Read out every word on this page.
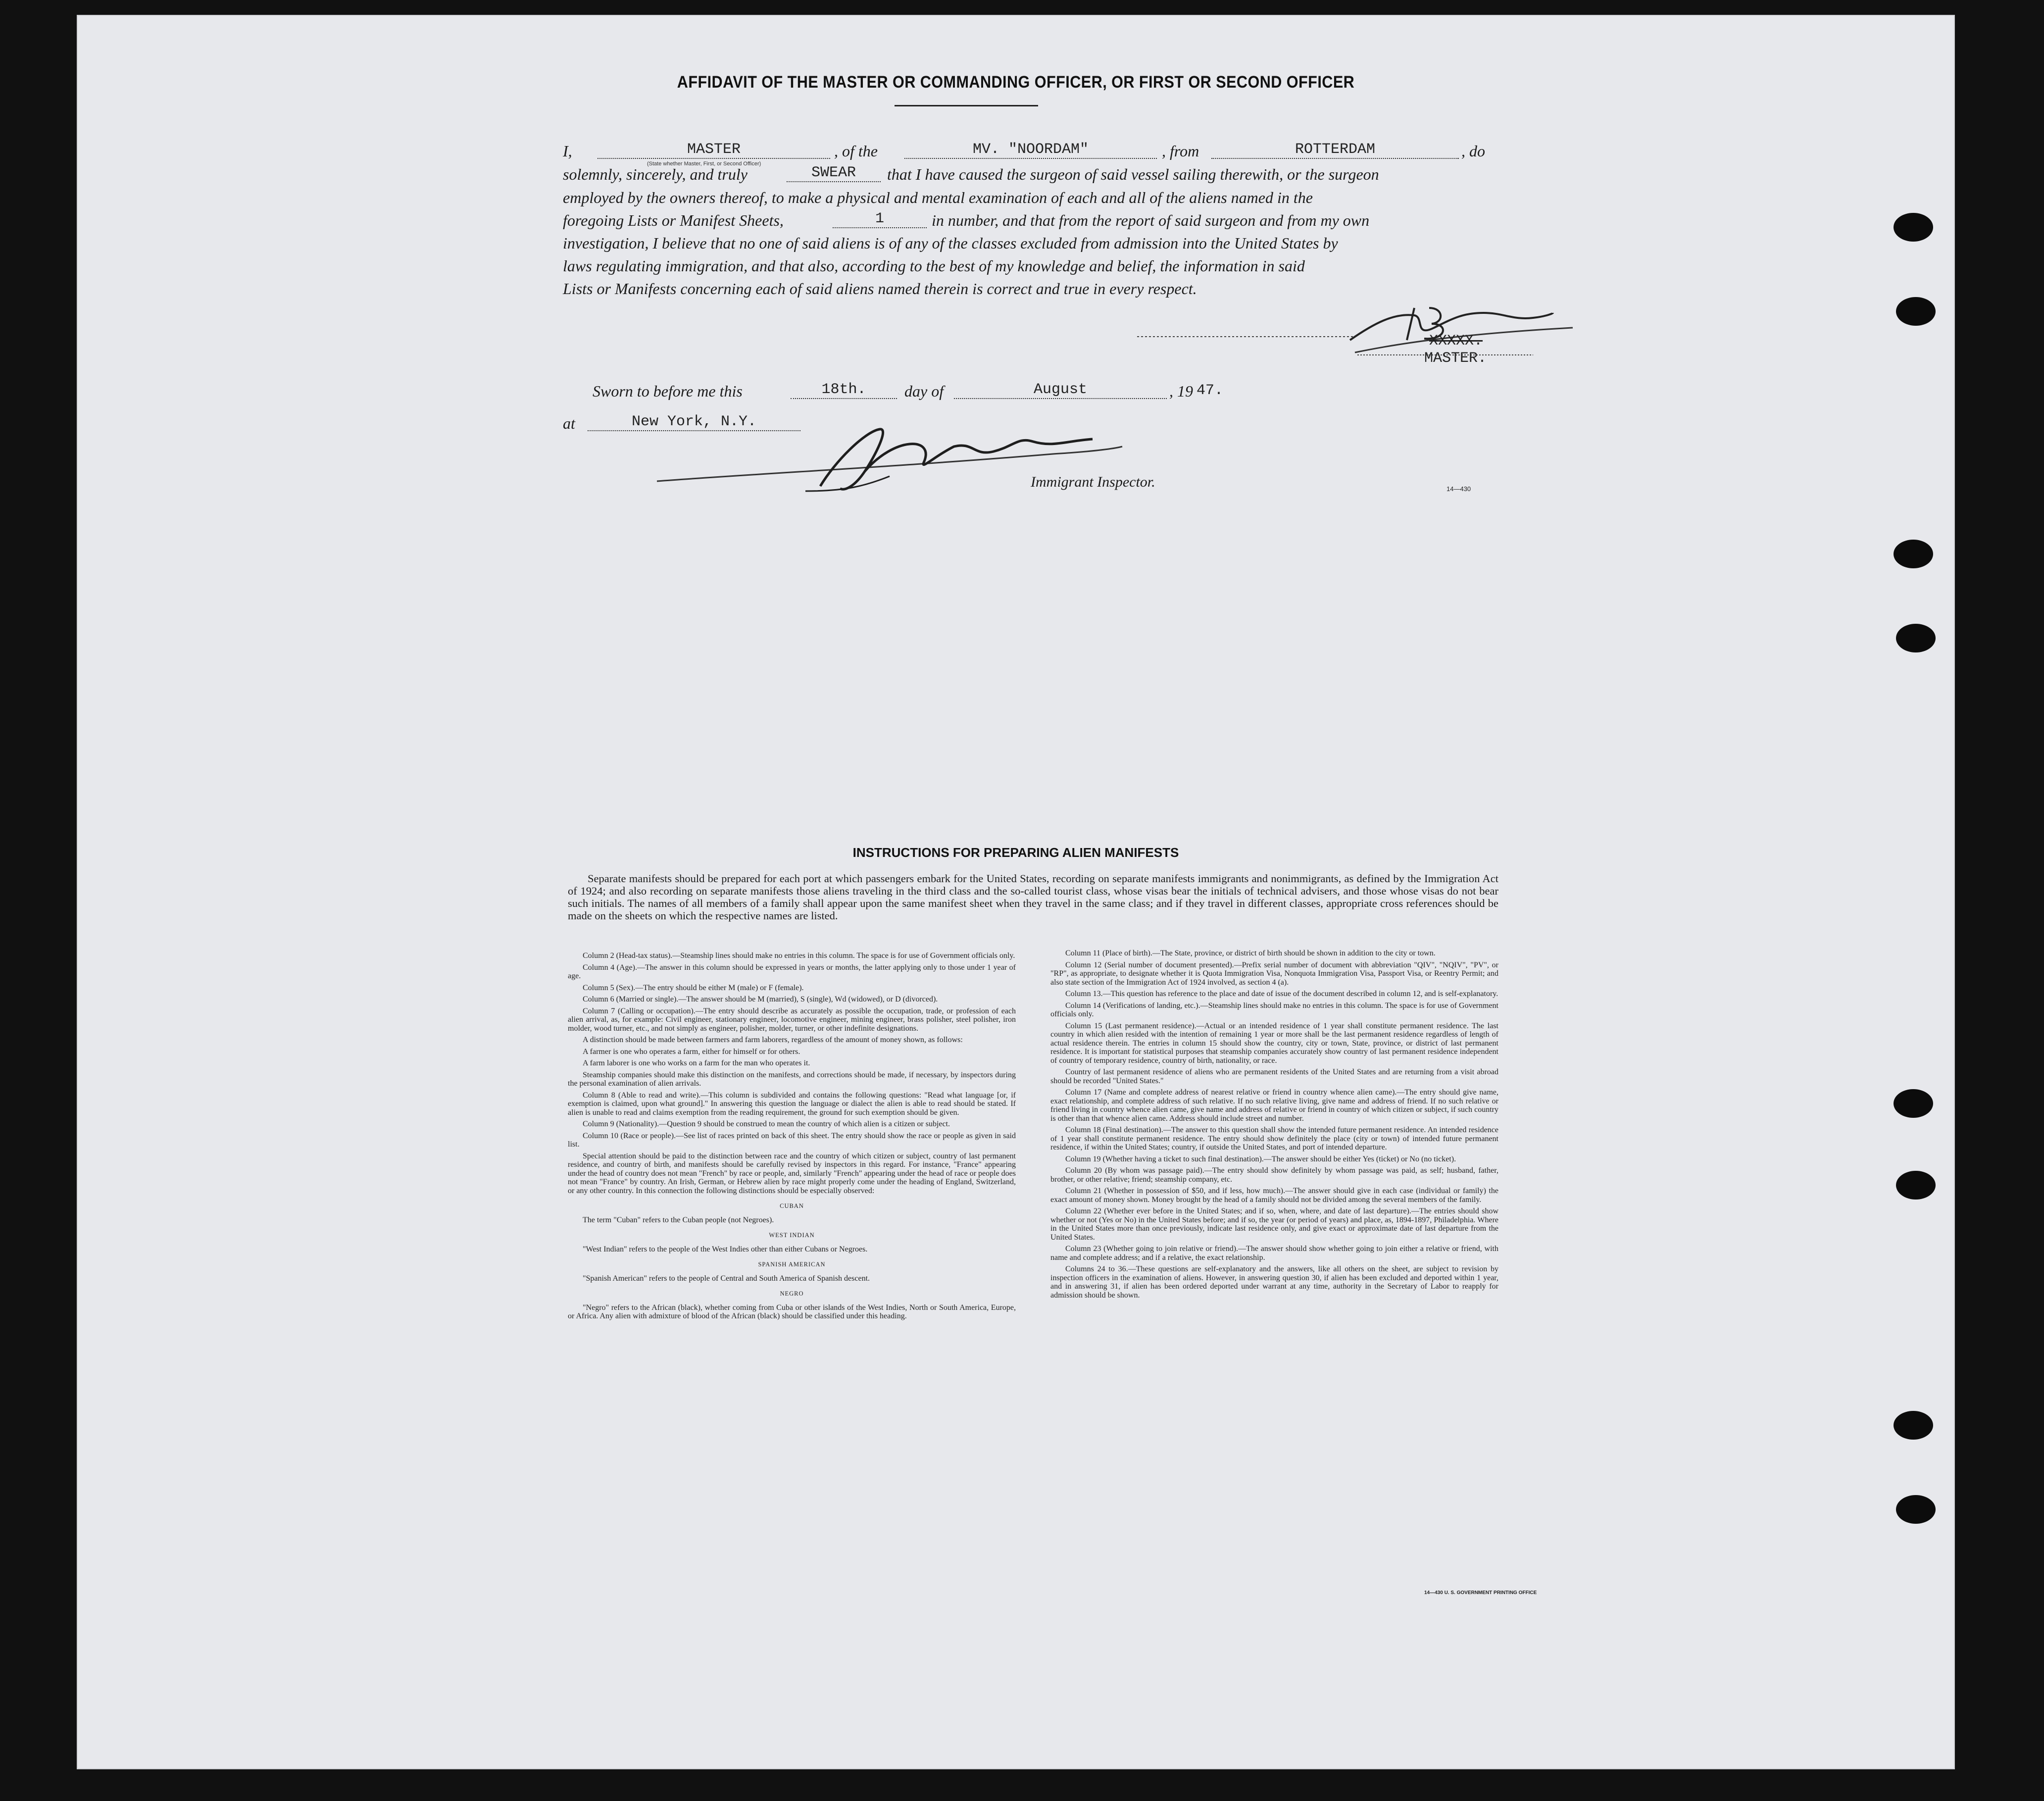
AFFIDAVIT OF THE MASTER OR COMMANDING OFFICER, OR FIRST OR SECOND OFFICER
I,	MASTER
(State whether Master, First, or Second Officer)
, of the	MV. "NOORDAM"	, from	ROTTERDAM	, do
solemnly, sincerely, and truly	SWEAR	that I have caused the surgeon of said vessel sailing therewith, or the surgeon
employed by the owners thereof, to make a physical and mental examination of each and all of the aliens named in the
foregoing Lists or Manifest Sheets,	1	in number, and that from the report of said surgeon and from my own
investigation, I believe that no one of said aliens is of any of the classes excluded from admission into the United States by
laws regulating immigration, and that also, according to the best of my knowledge and belief, the information in said
Lists or Manifests concerning each of said aliens named therein is correct and true in every respect.
XXXXX.
MASTER.
Sworn to before me this	18th.	day of	August	, 19 47.
at	New York, N.Y.
Immigrant Inspector.	14—430
INSTRUCTIONS FOR PREPARING ALIEN MANIFESTS
Separate manifests should be prepared for each port at which passengers embark for the United States, recording on separate manifests immigrants and nonimmigrants, as defined by the Immigration Act of 1924; and also recording on separate manifests those aliens traveling in the third class and the so-called tourist class, whose visas bear the initials of technical advisers, and those whose visas do not bear such initials. The names of all members of a family shall appear upon the same manifest sheet when they travel in the same class; and if they travel in different classes, appropriate cross references should be made on the sheets on which the respective names are listed.

Column 2 (Head-tax status).—Steamship lines should make no entries in this column. The space is for use of Government officials only.

Column 4 (Age).—The answer in this column should be expressed in years or months, the latter applying only to those under 1 year of age.

Column 5 (Sex).—The entry should be either M (male) or F (female).

Column 6 (Married or single).—The answer should be M (married), S (single), Wd (widowed), or D (divorced).

Column 7 (Calling or occupation).—The entry should describe as accurately as possible the occupation, trade, or profession of each alien arrival, as, for example: Civil engineer, stationary engineer, locomotive engineer, mining engineer, brass polisher, steel polisher, iron molder, wood turner, etc., and not simply as engineer, polisher, molder, turner, or other indefinite designations.

A distinction should be made between farmers and farm laborers, regardless of the amount of money shown, as follows:

A farmer is one who operates a farm, either for himself or for others.

A farm laborer is one who works on a farm for the man who operates it.

Steamship companies should make this distinction on the manifests, and corrections should be made, if necessary, by inspectors during the personal examination of alien arrivals.

Column 8 (Able to read and write).—This column is subdivided and contains the following questions: "Read what language [or, if exemption is claimed, upon what ground]." In answering this question the language or dialect the alien is able to read should be stated. If alien is unable to read and claims exemption from the reading requirement, the ground for such exemption should be given.

Column 9 (Nationality).—Question 9 should be construed to mean the country of which alien is a citizen or subject.

Column 10 (Race or people).—See list of races printed on back of this sheet. The entry should show the race or people as given in said list.

Special attention should be paid to the distinction between race and the country of which citizen or subject, country of last permanent residence, and country of birth, and manifests should be carefully revised by inspectors in this regard. For instance, "France" appearing under the head of country does not mean "French" by race or people, and, similarly "French" appearing under the head of race or people does not mean "France" by country. An Irish, German, or Hebrew alien by race might properly come under the heading of England, Switzerland, or any other country. In this connection the following distinctions should be especially observed:

CUBAN

The term "Cuban" refers to the Cuban people (not Negroes).

WEST INDIAN

"West Indian" refers to the people of the West Indies other than either Cubans or Negroes.

SPANISH AMERICAN

"Spanish American" refers to the people of Central and South America of Spanish descent.

NEGRO

"Negro" refers to the African (black), whether coming from Cuba or other islands of the West Indies, North or South America, Europe, or Africa. Any alien with admixture of blood of the African (black) should be classified under this heading.

Column 11 (Place of birth).—The State, province, or district of birth should be shown in addition to the city or town.

Column 12 (Serial number of document presented).—Prefix serial number of document with abbreviation "QIV", "NQIV", "PV", or "RP", as appropriate, to designate whether it is Quota Immigration Visa, Nonquota Immigration Visa, Passport Visa, or Reentry Permit; and also state section of the Immigration Act of 1924 involved, as section 4 (a).

Column 13.—This question has reference to the place and date of issue of the document described in column 12, and is self-explanatory.

Column 14 (Verifications of landing, etc.).—Steamship lines should make no entries in this column. The space is for use of Government officials only.

Column 15 (Last permanent residence).—Actual or an intended residence of 1 year shall constitute permanent residence. The last country in which alien resided with the intention of remaining 1 year or more shall be the last permanent residence regardless of length of actual residence therein. The entries in column 15 should show the country, city or town, State, province, or district of last permanent residence. It is important for statistical purposes that steamship companies accurately show country of last permanent residence independent of country of temporary residence, country of birth, nationality, or race.

Country of last permanent residence of aliens who are permanent residents of the United States and are returning from a visit abroad should be recorded "United States."

Column 17 (Name and complete address of nearest relative or friend in country whence alien came).—The entry should give name, exact relationship, and complete address of such relative. If no such relative living, give name and address of friend. If no such relative or friend living in country whence alien came, give name and address of relative or friend in country of which citizen or subject, if such country is other than that whence alien came. Address should include street and number.

Column 18 (Final destination).—The answer to this question shall show the intended future permanent residence. An intended residence of 1 year shall constitute permanent residence. The entry should show definitely the place (city or town) of intended future permanent residence, if within the United States; country, if outside the United States, and port of intended departure.

Column 19 (Whether having a ticket to such final destination).—The answer should be either Yes (ticket) or No (no ticket).

Column 20 (By whom was passage paid).—The entry should show definitely by whom passage was paid, as self; husband, father, brother, or other relative; friend; steamship company, etc.

Column 21 (Whether in possession of $50, and if less, how much).—The answer should give in each case (individual or family) the exact amount of money shown. Money brought by the head of a family should not be divided among the several members of the family.

Column 22 (Whether ever before in the United States; and if so, when, where, and date of last departure).—The entries should show whether or not (Yes or No) in the United States before; and if so, the year (or period of years) and place, as, 1894-1897, Philadelphia. Where in the United States more than once previously, indicate last residence only, and give exact or approximate date of last departure from the United States.

Column 23 (Whether going to join relative or friend).—The answer should show whether going to join either a relative or friend, with name and complete address; and if a relative, the exact relationship.

Columns 24 to 36.—These questions are self-explanatory and the answers, like all others on the sheet, are subject to revision by inspection officers in the examination of aliens. However, in answering question 30, if alien has been excluded and deported within 1 year, and in answering 31, if alien has been ordered deported under warrant at any time, authority in the Secretary of Labor to reapply for admission should be shown.

14—430 U. S. GOVERNMENT PRINTING OFFICE
